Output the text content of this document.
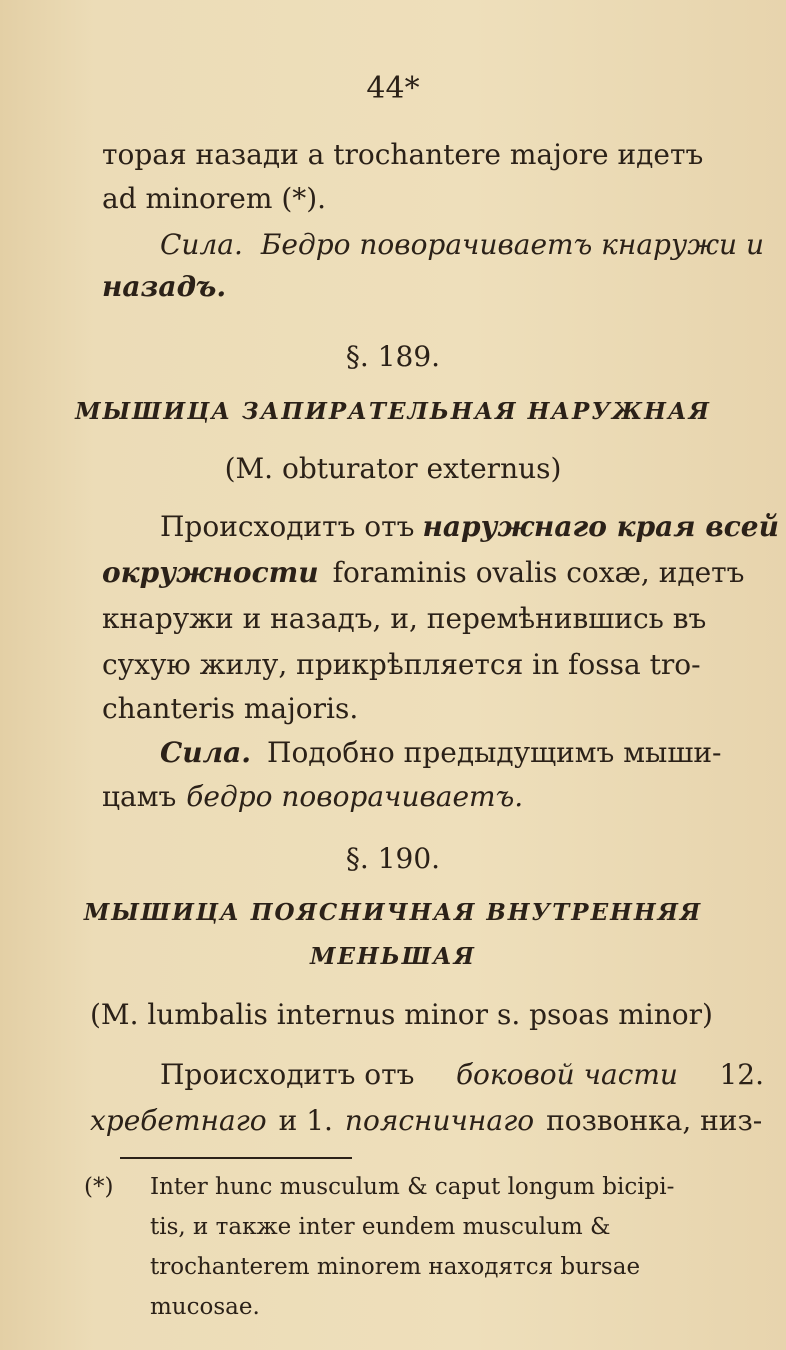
44*
тopая назади а trochantere majore идетъ
ad minorem (*).
Сила. Бедро поворачиваетъ кнаружи и
назадъ.
§. 189.
МЫШИЦА ЗАПИРАТЕЛЬНАЯ НАРУЖНАЯ
(M. obturator externus)
Происходитъ отъ наружнаго края всей
окружности foraminis ovalis coxæ, идетъ
кнаружи и назадъ, и, перемѣнившись въ
сухую жилу, прикрѣпляется in fossa tro-
chanteris majoris.
Сила. Подобно предыдущимъ мыши-
цамъ бедро поворачиваетъ.
§. 190.
МЫШИЦА ПОЯСНИЧНАЯ ВНУТРЕННЯЯ
МЕНЬШАЯ
(M. lumbalis internus minor s. psoas minor)
Происходитъ отъ боковой части 12.
хребетнаго и 1. поясничнаго позвонка, низ-
(*) Inter hunc musculum & caput longum bicipi-
tis, и также inter eundem musculum &
trochanterem minorem находятся bursae
mucosae.
